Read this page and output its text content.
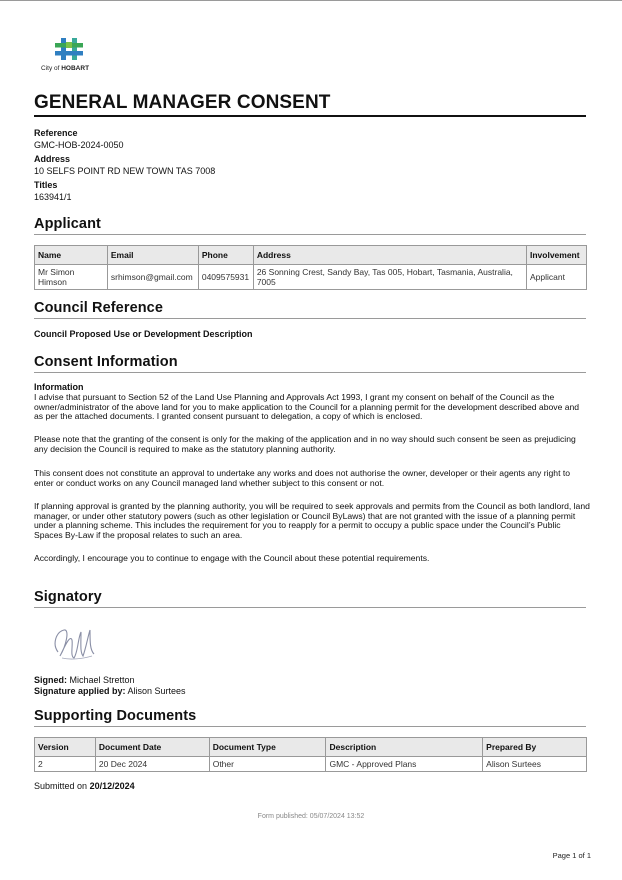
City of HOBART
GENERAL MANAGER CONSENT
Reference
GMC-HOB-2024-0050
Address
10 SELFS POINT RD NEW TOWN TAS 7008
Titles
163941/1
Applicant
Name	Email	Phone	Address	Involvement
Mr Simon Himson	srhimson@gmail.com	0409575931	26 Sonning Crest, Sandy Bay, Tas 005, Hobart, Tasmania, Australia, 7005	Applicant
Council Reference
Council Proposed Use or Development Description
Consent Information
Information
I advise that pursuant to Section 52 of the Land Use Planning and Approvals Act 1993, I grant my consent on behalf of the Council as the owner/administrator of the above land for you to make application to the Council for a planning permit for the development described above and as per the attached documents. I granted consent pursuant to delegation, a copy of which is enclosed.
Please note that the granting of the consent is only for the making of the application and in no way should such consent be seen as prejudicing any decision the Council is required to make as the statutory planning authority.
This consent does not constitute an approval to undertake any works and does not authorise the owner, developer or their agents any right to enter or conduct works on any Council managed land whether subject to this consent or not.
If planning approval is granted by the planning authority, you will be required to seek approvals and permits from the Council as both landlord, land manager, or under other statutory powers (such as other legislation or Council ByLaws) that are not granted with the issue of a planning permit under a planning scheme. This includes the requirement for you to reapply for a permit to occupy a public space under the Council’s Public Spaces By-Law if the proposal relates to such an area.
Accordingly, I encourage you to continue to engage with the Council about these potential requirements.
Signatory
Signed: Michael Stretton
Signature applied by: Alison Surtees
Supporting Documents
Version	Document Date	Document Type	Description	Prepared By
2	20 Dec 2024	Other	GMC - Approved Plans	Alison Surtees
Submitted on 20/12/2024
Form published: 05/07/2024 13:52
Page 1 of 1
